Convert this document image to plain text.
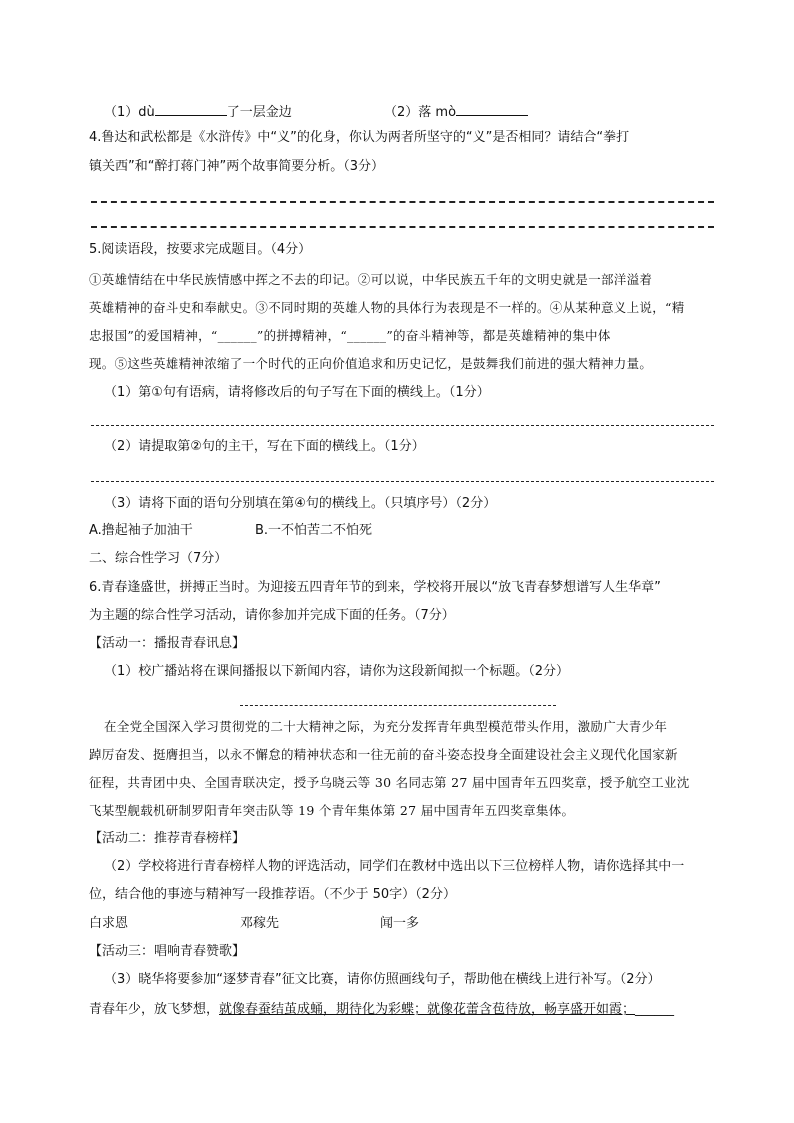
（1）dù	了一层金边	（2）落 mò
4.鲁达和武松都是《水浒传》中“义”的化身，你认为两者所坚守的“义”是否相同？请结合“拳打
镇关西”和“醉打蒋门神”两个故事简要分析。（3分）
5.阅读语段，按要求完成题目。（4分）
①英雄情结在中华民族情感中挥之不去的印记。②可以说，中华民族五千年的文明史就是一部洋溢着
英雄精神的奋斗史和奉献史。③不同时期的英雄人物的具体行为表现是不一样的。④从某种意义上说，“精
忠报国”的爱国精神，“______”的拼搏精神，“______”的奋斗精神等，都是英雄精神的集中体
现。⑤这些英雄精神浓缩了一个时代的正向价值追求和历史记忆，是鼓舞我们前进的强大精神力量。
（1）第①句有语病，请将修改后的句子写在下面的横线上。（1分）
（2）请提取第②句的主干，写在下面的横线上。（1分）
（3）请将下面的语句分别填在第④句的横线上。（只填序号）（2分）
A.撸起袖子加油干	B.一不怕苦二不怕死
二、综合性学习（7分）
6.青春逢盛世，拼搏正当时。为迎接五四青年节的到来，学校将开展以“放飞青春梦想谱写人生华章”
为主题的综合性学习活动，请你参加并完成下面的任务。（7分）
【活动一：播报青春讯息】
（1）校广播站将在课间播报以下新闻内容，请你为这段新闻拟一个标题。（2分）
在全党全国深入学习贯彻党的二十大精神之际，为充分发挥青年典型模范带头作用，激励广大青少年
踔厉奋发、挺膺担当，以永不懈怠的精神状态和一往无前的奋斗姿态投身全面建设社会主义现代化国家新
征程，共青团中央、全国青联决定，授予乌晓云等 30 名同志第 27 届中国青年五四奖章，授予航空工业沈
飞某型舰载机研制罗阳青年突击队等 19 个青年集体第 27 届中国青年五四奖章集体。
【活动二：推荐青春榜样】
（2）学校将进行青春榜样人物的评选活动，同学们在教材中选出以下三位榜样人物，请你选择其中一
位，结合他的事迹与精神写一段推荐语。（不少于 50字）（2分）
白求恩	邓稼先	闻一多
【活动三：唱响青春赞歌】
（3）晓华将要参加“逐梦青春”征文比赛，请你仿照画线句子，帮助他在横线上进行补写。（2分）
青春年少，放飞梦想，就像春蚕结茧成蛹，期待化为彩蝶；就像花蕾含苞待放，畅享盛开如霞；______
